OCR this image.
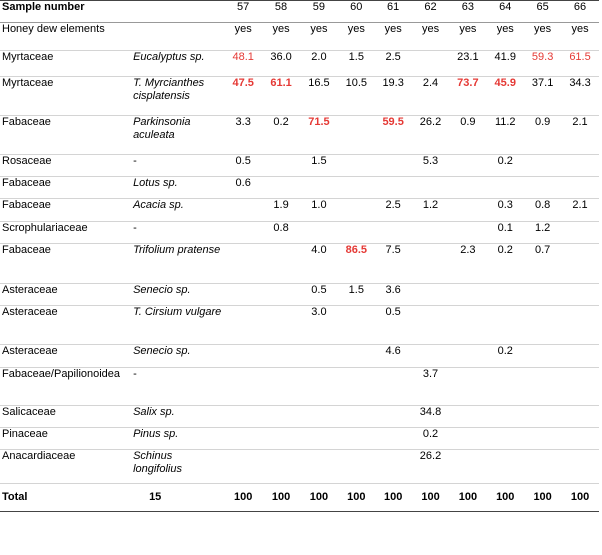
Sample number		57	58	59	60	61	62	63	64	65	66
Honey dew elements		yes	yes	yes	yes	yes	yes	yes	yes	yes	yes
Myrtaceae	Eucalyptus sp.	48.1	36.0	2.0	1.5	2.5		23.1	41.9	59.3	61.5
Myrtaceae	T. Myrcianthes cisplatensis	47.5	61.1	16.5	10.5	19.3	2.4	73.7	45.9	37.1	34.3
Fabaceae	Parkinsonia aculeata	3.3	0.2	71.5		59.5	26.2	0.9	11.2	0.9	2.1
Rosaceae	-	0.5		1.5			5.3		0.2		
Fabaceae	Lotus sp.	0.6									
Fabaceae	Acacia sp.		1.9	1.0		2.5	1.2		0.3	0.8	2.1
Scrophulariaceae	-		0.8						0.1	1.2	
Fabaceae	Trifolium pratense			4.0	86.5	7.5		2.3	0.2	0.7	
Asteraceae	Senecio sp.			0.5	1.5	3.6					
Asteraceae	T. Cirsium vulgare			3.0		0.5					
Asteraceae	Senecio sp.					4.6			0.2		
Fabaceae/Papilionoidea	-						3.7				
Salicaceae	Salix sp.						34.8				
Pinaceae	Pinus sp.						0.2				
Anacardiaceae	Schinus longifolius						26.2				
Total	15	100	100	100	100	100	100	100	100	100	100
